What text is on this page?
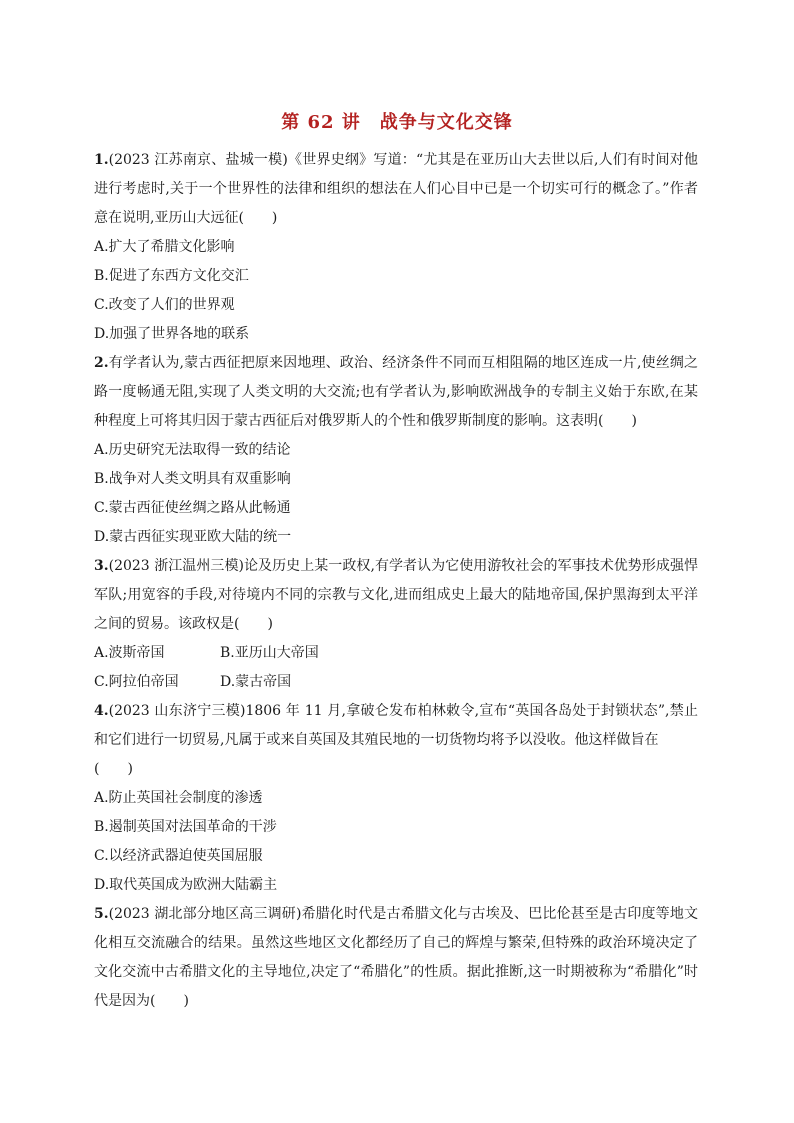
第 62 讲　战争与文化交锋
1.(2023 江苏南京、盐城一模)《世界史纲》写道：“尤其是在亚历山大去世以后,人们有时间对他进行考虑时,关于一个世界性的法律和组织的想法在人们心目中已是一个切实可行的概念了。”作者意在说明,亚历山大远征(　　)
A.扩大了希腊文化影响
B.促进了东西方文化交汇
C.改变了人们的世界观
D.加强了世界各地的联系
2.有学者认为,蒙古西征把原来因地理、政治、经济条件不同而互相阻隔的地区连成一片,使丝绸之路一度畅通无阻,实现了人类文明的大交流;也有学者认为,影响欧洲战争的专制主义始于东欧,在某种程度上可将其归因于蒙古西征后对俄罗斯人的个性和俄罗斯制度的影响。这表明(　　)
A.历史研究无法取得一致的结论
B.战争对人类文明具有双重影响
C.蒙古西征使丝绸之路从此畅通
D.蒙古西征实现亚欧大陆的统一
3.(2023 浙江温州三模)论及历史上某一政权,有学者认为它使用游牧社会的军事技术优势形成强悍军队;用宽容的手段,对待境内不同的宗教与文化,进而组成史上最大的陆地帝国,保护黑海到太平洋之间的贸易。该政权是(　　)
A.波斯帝国	B.亚历山大帝国
C.阿拉伯帝国	D.蒙古帝国
4.(2023 山东济宁三模)1806 年 11 月,拿破仑发布柏林敕令,宣布“英国各岛处于封锁状态”,禁止和它们进行一切贸易,凡属于或来自英国及其殖民地的一切货物均将予以没收。他这样做旨在
(　　)
A.防止英国社会制度的渗透
B.遏制英国对法国革命的干涉
C.以经济武器迫使英国屈服
D.取代英国成为欧洲大陆霸主
5.(2023 湖北部分地区高三调研)希腊化时代是古希腊文化与古埃及、巴比伦甚至是古印度等地文化相互交流融合的结果。虽然这些地区文化都经历了自己的辉煌与繁荣,但特殊的政治环境决定了文化交流中古希腊文化的主导地位,决定了“希腊化”的性质。据此推断,这一时期被称为“希腊化”时代是因为(　　)
